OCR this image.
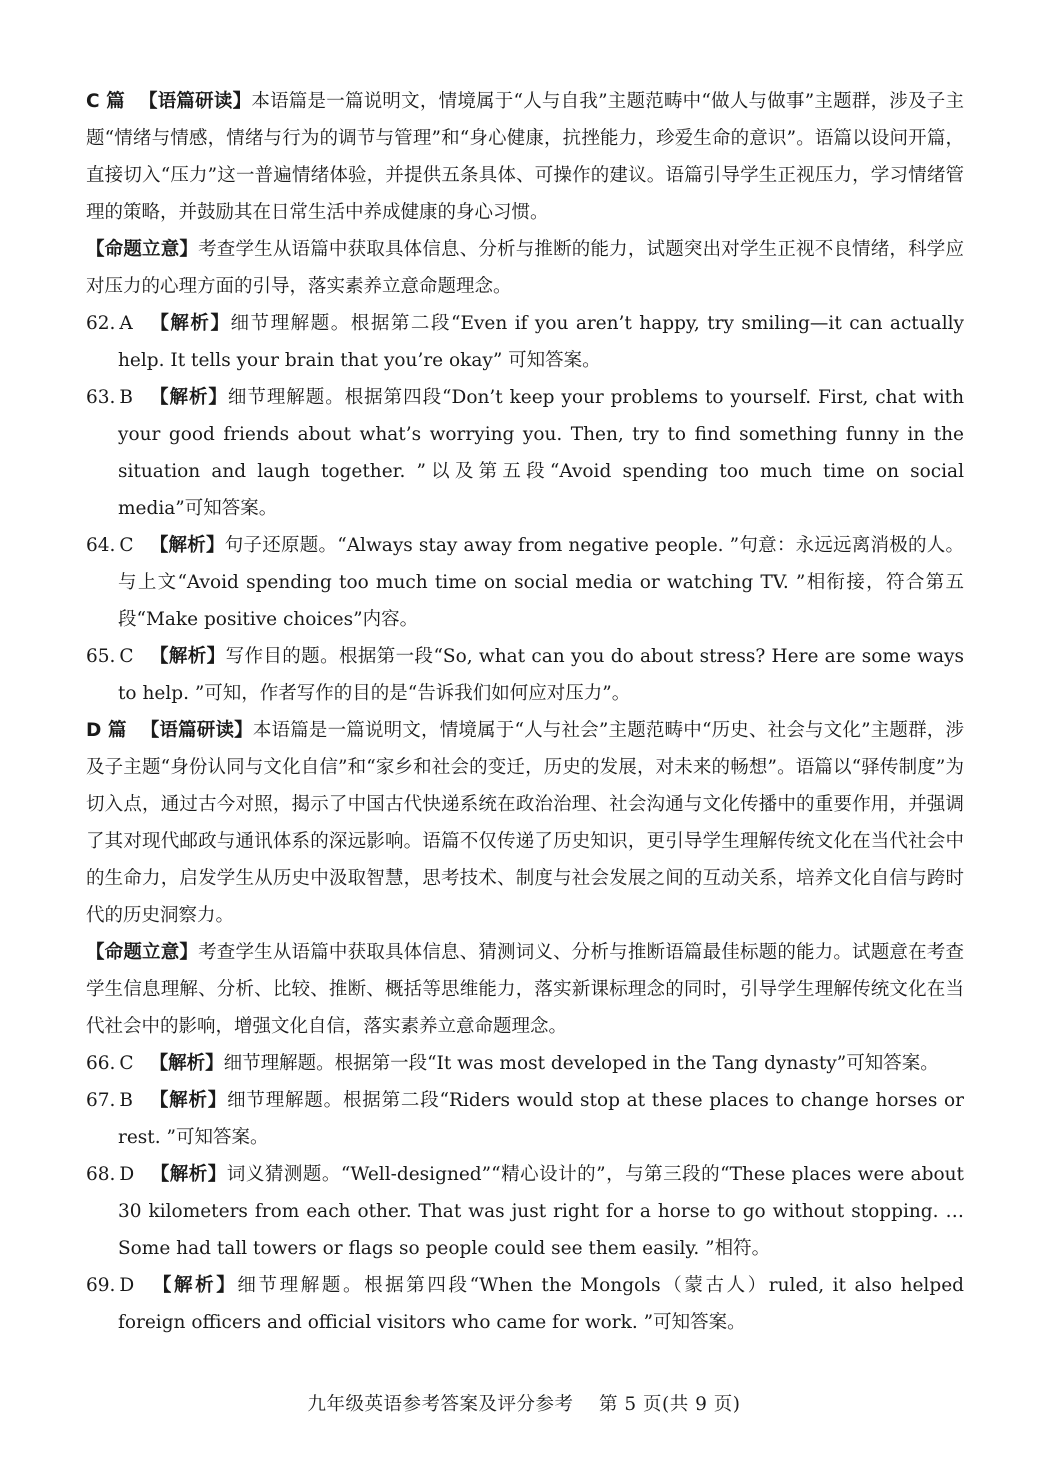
C 篇 【语篇研读】本语篇是一篇说明文，情境属于“人与自我”主题范畴中“做人与做事”主题群，涉及子主题“情绪与情感，情绪与行为的调节与管理”和“身心健康，抗挫能力，珍爱生命的意识”。语篇以设问开篇，直接切入“压力”这一普遍情绪体验，并提供五条具体、可操作的建议。语篇引导学生正视压力，学习情绪管理的策略，并鼓励其在日常生活中养成健康的身心习惯。

【命题立意】考查学生从语篇中获取具体信息、分析与推断的能力，试题突出对学生正视不良情绪，科学应对压力的心理方面的引导，落实素养立意命题理念。

62. A 【解析】细节理解题。根据第二段“Even if you aren’t happy, try smiling—it can actually help. It tells your brain that you’re okay” 可知答案。

63. B 【解析】细节理解题。根据第四段“Don’t keep your problems to yourself. First, chat with your good friends about what’s worrying you. Then, try to find something funny in the situation and laugh together. ”以及第五段“Avoid spending too much time on social media”可知答案。

64. C 【解析】句子还原题。“Always stay away from negative people. ”句意：永远远离消极的人。与上文“Avoid spending too much time on social media or watching TV. ”相衔接，符合第五段“Make positive choices”内容。

65. C 【解析】写作目的题。根据第一段“So, what can you do about stress? Here are some ways to help. ”可知，作者写作的目的是“告诉我们如何应对压力”。

D 篇 【语篇研读】本语篇是一篇说明文，情境属于“人与社会”主题范畴中“历史、社会与文化”主题群，涉及子主题“身份认同与文化自信”和“家乡和社会的变迁，历史的发展，对未来的畅想”。语篇以“驿传制度”为切入点，通过古今对照，揭示了中国古代快递系统在政治治理、社会沟通与文化传播中的重要作用，并强调了其对现代邮政与通讯体系的深远影响。语篇不仅传递了历史知识，更引导学生理解传统文化在当代社会中的生命力，启发学生从历史中汲取智慧，思考技术、制度与社会发展之间的互动关系，培养文化自信与跨时代的历史洞察力。

【命题立意】考查学生从语篇中获取具体信息、猜测词义、分析与推断语篇最佳标题的能力。试题意在考查学生信息理解、分析、比较、推断、概括等思维能力，落实新课标理念的同时，引导学生理解传统文化在当代社会中的影响，增强文化自信，落实素养立意命题理念。

66. C 【解析】细节理解题。根据第一段“It was most developed in the Tang dynasty”可知答案。

67. B 【解析】细节理解题。根据第二段“Riders would stop at these places to change horses or rest. ”可知答案。

68. D 【解析】词义猜测题。“Well-designed”“精心设计的”，与第三段的“These places were about 30 kilometers from each other. That was just right for a horse to go without stopping. … Some had tall towers or flags so people could see them easily. ”相符。

69. D 【解析】细节理解题。根据第四段“When the Mongols（蒙古人）ruled, it also helped foreign officers and official visitors who came for work. ”可知答案。

九年级英语参考答案及评分参考 第 5 页(共 9 页)
